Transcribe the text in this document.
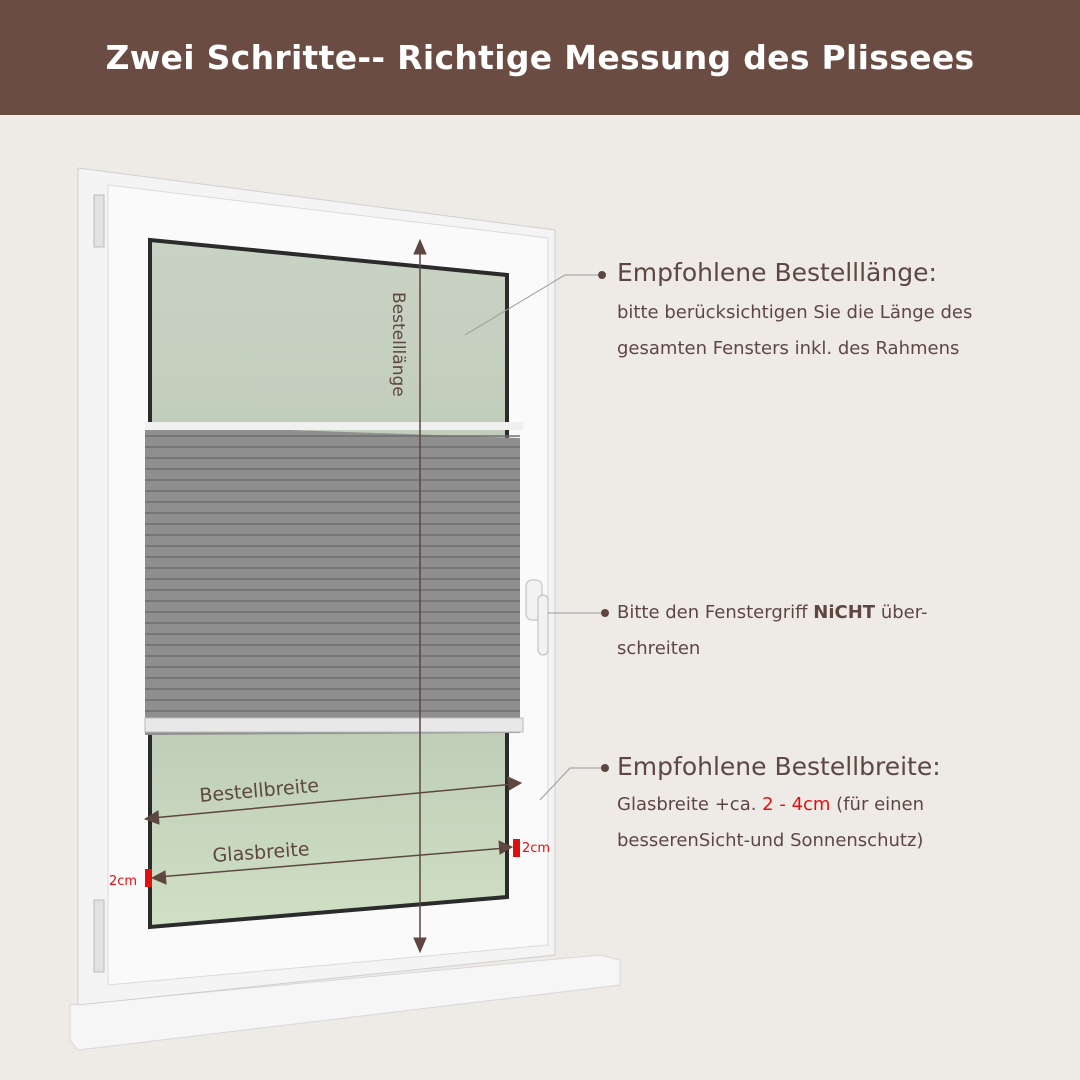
Zwei Schritte-- Richtige Messung des Plissees
Bestelllänge
Bestellbreite
Glasbreite
2cm
2cm
Empfohlene Bestelllänge:
bitte berücksichtigen Sie die Länge des
gesamten Fensters inkl. des Rahmens
Bitte den Fenstergriff NiCHT über-
schreiten
Empfohlene Bestellbreite:
Glasbreite +ca. 2 - 4cm (für einen
besserenSicht-und Sonnenschutz)
